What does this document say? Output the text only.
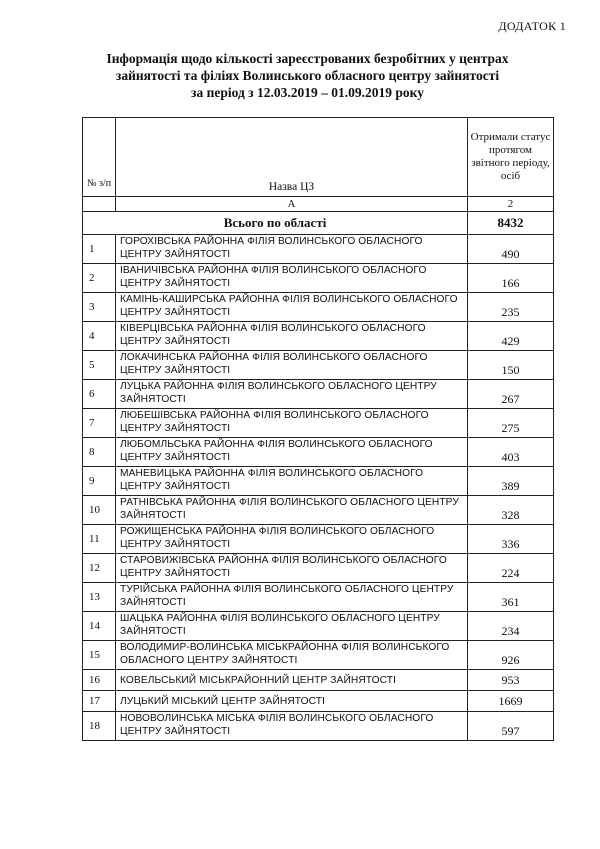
ДОДАТОК 1
Інформація щодо кількості зареєстрованих безробітних у центрах
зайнятості та філіях Волинського обласного центру зайнятості
за період з 12.03.2019 – 01.09.2019 року
№ з/п	Назва ЦЗ	Отримали статус протягом звітного періоду, осіб
	А	2
Всього по області		8432
1	ГОРОХІВСЬКА РАЙОННА ФІЛІЯ ВОЛИНСЬКОГО ОБЛАСНОГО ЦЕНТРУ ЗАЙНЯТОСТІ	490
2	ІВАНИЧІВСЬКА РАЙОННА ФІЛІЯ ВОЛИНСЬКОГО ОБЛАСНОГО ЦЕНТРУ ЗАЙНЯТОСТІ	166
3	КАМІНЬ-КАШИРСЬКА РАЙОННА ФІЛІЯ ВОЛИНСЬКОГО ОБЛАСНОГО ЦЕНТРУ ЗАЙНЯТОСТІ	235
4	КІВЕРЦІВСЬКА РАЙОННА ФІЛІЯ ВОЛИНСЬКОГО ОБЛАСНОГО ЦЕНТРУ ЗАЙНЯТОСТІ	429
5	ЛОКАЧИНСЬКА РАЙОННА ФІЛІЯ ВОЛИНСЬКОГО ОБЛАСНОГО ЦЕНТРУ ЗАЙНЯТОСТІ	150
6	ЛУЦЬКА РАЙОННА ФІЛІЯ ВОЛИНСЬКОГО ОБЛАСНОГО ЦЕНТРУ ЗАЙНЯТОСТІ	267
7	ЛЮБЕШІВСЬКА РАЙОННА ФІЛІЯ ВОЛИНСЬКОГО ОБЛАСНОГО ЦЕНТРУ ЗАЙНЯТОСТІ	275
8	ЛЮБОМЛЬСЬКА РАЙОННА ФІЛІЯ ВОЛИНСЬКОГО ОБЛАСНОГО ЦЕНТРУ ЗАЙНЯТОСТІ	403
9	МАНЕВИЦЬКА РАЙОННА ФІЛІЯ ВОЛИНСЬКОГО ОБЛАСНОГО ЦЕНТРУ ЗАЙНЯТОСТІ	389
10	РАТНІВСЬКА РАЙОННА ФІЛІЯ ВОЛИНСЬКОГО ОБЛАСНОГО ЦЕНТРУ ЗАЙНЯТОСТІ	328
11	РОЖИЩЕНСЬКА РАЙОННА ФІЛІЯ ВОЛИНСЬКОГО ОБЛАСНОГО ЦЕНТРУ ЗАЙНЯТОСТІ	336
12	СТАРОВИЖІВСЬКА РАЙОННА ФІЛІЯ ВОЛИНСЬКОГО ОБЛАСНОГО ЦЕНТРУ ЗАЙНЯТОСТІ	224
13	ТУРІЙСЬКА РАЙОННА ФІЛІЯ ВОЛИНСЬКОГО ОБЛАСНОГО ЦЕНТРУ ЗАЙНЯТОСТІ	361
14	ШАЦЬКА РАЙОННА ФІЛІЯ ВОЛИНСЬКОГО ОБЛАСНОГО ЦЕНТРУ ЗАЙНЯТОСТІ	234
15	ВОЛОДИМИР-ВОЛИНСЬКА МІСЬКРАЙОННА ФІЛІЯ ВОЛИНСЬКОГО ОБЛАСНОГО ЦЕНТРУ ЗАЙНЯТОСТІ	926
16	КОВЕЛЬСЬКИЙ МІСЬКРАЙОННИЙ ЦЕНТР ЗАЙНЯТОСТІ	953
17	ЛУЦЬКИЙ МІСЬКИЙ ЦЕНТР ЗАЙНЯТОСТІ	1669
18	НОВОВОЛИНСЬКА МІСЬКА ФІЛІЯ ВОЛИНСЬКОГО ОБЛАСНОГО ЦЕНТРУ ЗАЙНЯТОСТІ	597
